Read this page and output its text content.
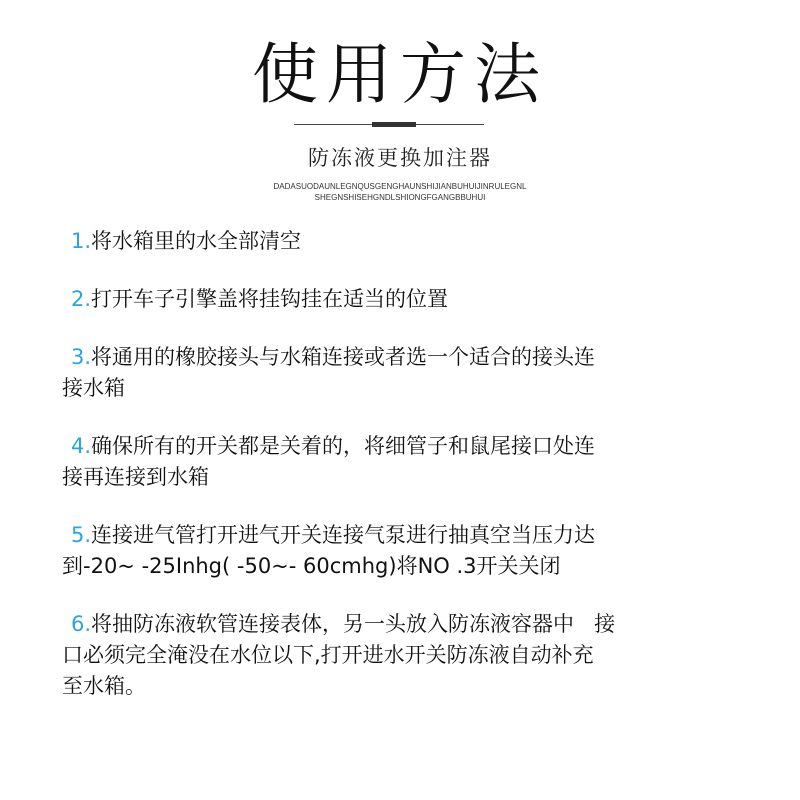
使用方法
防冻液更换加注器
DADASUODAUNLEGNQUSGENGHAUNSHIJIANBUHUIJINRULEGNL
SHEGNSHISEHGNDLSHIONGFGANGBBUHUI
1.将水箱里的水全部清空
2.打开车子引擎盖将挂钩挂在适当的位置
3.将通用的橡胶接头与水箱连接或者选一个适合的接头连
接水箱
4.确保所有的开关都是关着的，将细管子和鼠尾接口处连
接再连接到水箱
5.连接进气管打开进气开关连接气泵进行抽真空当压力达
到-20~ -25Inhg( -50~- 60cmhg)将NO .3开关关闭
6.将抽防冻液软管连接表体，另一头放入防冻液容器中   接
口必须完全淹没在水位以下,打开进水开关防冻液自动补充
至水箱。
